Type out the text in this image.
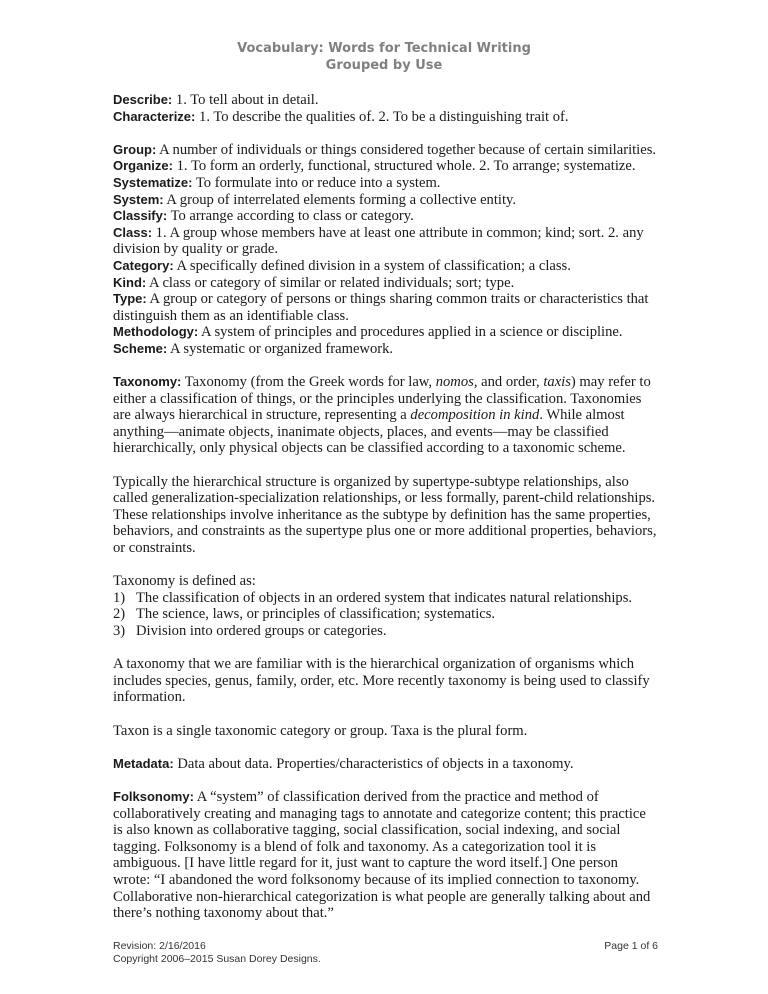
Vocabulary: Words for Technical Writing
Grouped by Use

Describe: 1. To tell about in detail.

Characterize: 1. To describe the qualities of. 2. To be a distinguishing trait of.

Group: A number of individuals or things considered together because of certain similarities.

Organize: 1. To form an orderly, functional, structured whole. 2. To arrange; systematize.

Systematize: To formulate into or reduce into a system.

System: A group of interrelated elements forming a collective entity.

Classify: To arrange according to class or category.

Class: 1. A group whose members have at least one attribute in common; kind; sort. 2. any division by quality or grade.

Category: A specifically defined division in a system of classification; a class.

Kind: A class or category of similar or related individuals; sort; type.

Type: A group or category of persons or things sharing common traits or characteristics that distinguish them as an identifiable class.

Methodology: A system of principles and procedures applied in a science or discipline.

Scheme: A systematic or organized framework.

Taxonomy: Taxonomy (from the Greek words for law, nomos, and order, taxis) may refer to either a classification of things, or the principles underlying the classification. Taxonomies are always hierarchical in structure, representing a decomposition in kind. While almost anything—animate objects, inanimate objects, places, and events—may be classified hierarchically, only physical objects can be classified according to a taxonomic scheme.

Typically the hierarchical structure is organized by supertype-subtype relationships, also called generalization-specialization relationships, or less formally, parent-child relationships. These relationships involve inheritance as the subtype by definition has the same properties, behaviors, and constraints as the supertype plus one or more additional properties, behaviors, or constraints.

Taxonomy is defined as:

1) The classification of objects in an ordered system that indicates natural relationships.
2) The science, laws, or principles of classification; systematics.
3) Division into ordered groups or categories.

A taxonomy that we are familiar with is the hierarchical organization of organisms which includes species, genus, family, order, etc. More recently taxonomy is being used to classify information.

Taxon is a single taxonomic category or group. Taxa is the plural form.

Metadata: Data about data. Properties/characteristics of objects in a taxonomy.

Folksonomy: A “system” of classification derived from the practice and method of collaboratively creating and managing tags to annotate and categorize content; this practice is also known as collaborative tagging, social classification, social indexing, and social tagging. Folksonomy is a blend of folk and taxonomy. As a categorization tool it is ambiguous. [I have little regard for it, just want to capture the word itself.] One person wrote: “I abandoned the word folksonomy because of its implied connection to taxonomy. Collaborative non-hierarchical categorization is what people are generally talking about and there’s nothing taxonomy about that.”

Revision: 2/16/2016
Copyright 2006–2015 Susan Dorey Designs.
Page 1 of 6
